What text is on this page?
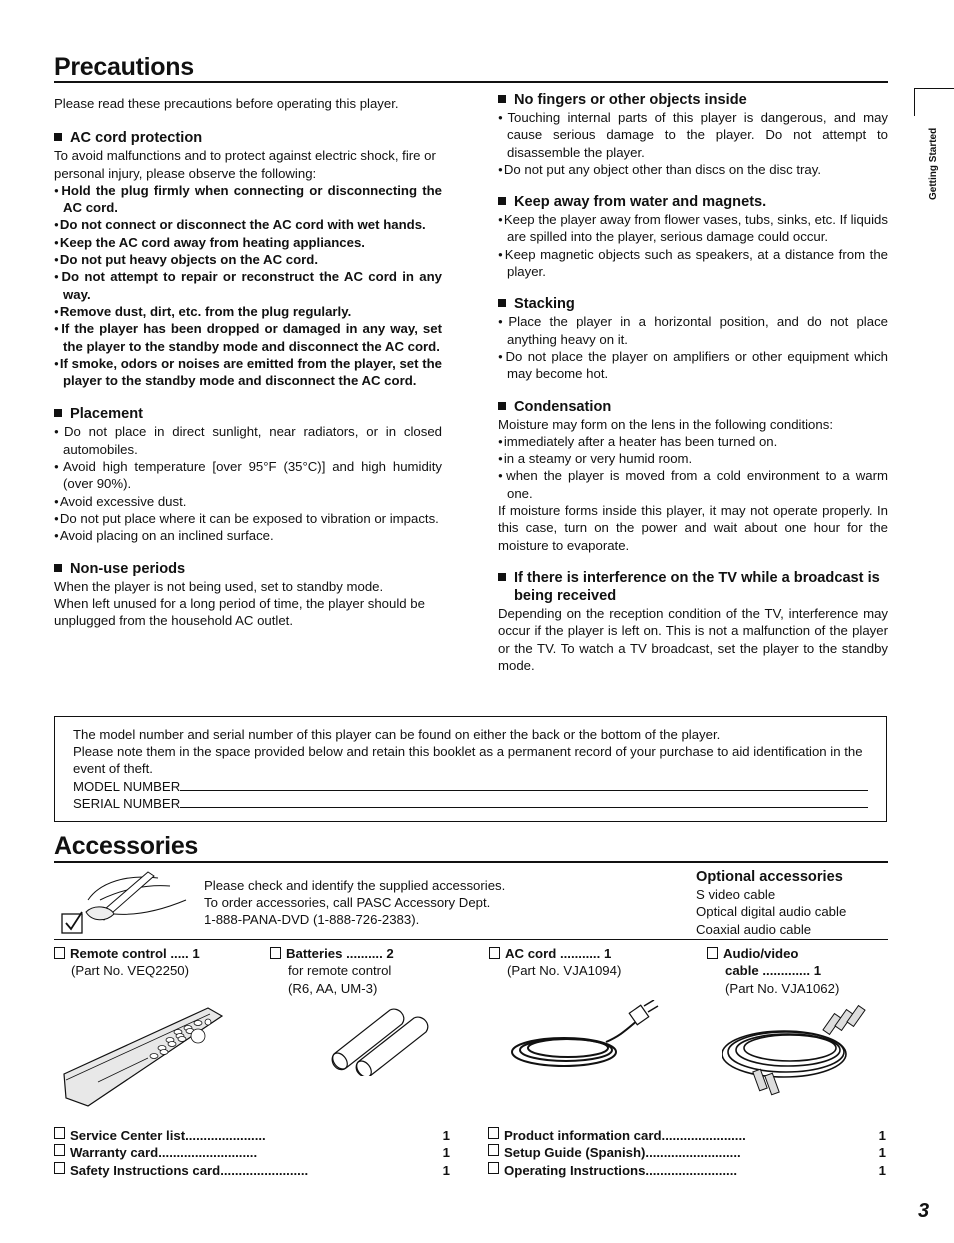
Precautions
Please read these precautions before operating this player.
AC cord protection
To avoid malfunctions and to protect against electric shock, fire or personal injury, please observe the following:
● Hold the plug firmly when connecting or disconnecting the AC cord.
● Do not connect or disconnect the AC cord with wet hands.
● Keep the AC cord away from heating appliances.
● Do not put heavy objects on the AC cord.
● Do not attempt to repair or reconstruct the AC cord in any way.
● Remove dust, dirt, etc. from the plug regularly.
● If the player has been dropped or damaged in any way, set the player to the standby mode and disconnect the AC cord.
● If smoke, odors or noises are emitted from the player, set the player to the standby mode and disconnect the AC cord.
Placement
● Do not place in direct sunlight, near radiators, or in closed automobiles.
● Avoid high temperature [over 95°F (35°C)] and high humidity (over 90%).
● Avoid excessive dust.
● Do not put place where it can be exposed to vibration or impacts.
● Avoid placing on an inclined surface.
Non-use periods
When the player is not being used, set to standby mode.
When left unused for a long period of time, the player should be unplugged from the household AC outlet.
No fingers or other objects inside
● Touching internal parts of this player is dangerous, and may cause serious damage to the player. Do not attempt to disassemble the player.
● Do not put any object other than discs on the disc tray.
Keep away from water and magnets.
● Keep the player away from flower vases, tubs, sinks, etc. If liquids are spilled into the player, serious damage could occur.
● Keep magnetic objects such as speakers, at a distance from the player.
Stacking
● Place the player in a horizontal position, and do not place anything heavy on it.
● Do not place the player on amplifiers or other equipment which may become hot.
Condensation
Moisture may form on the lens in the following conditions:
● immediately after a heater has been turned on.
● in a steamy or very humid room.
● when the player is moved from a cold environment to a warm one.
If moisture forms inside this player, it may not operate properly. In this case, turn on the power and wait about one hour for the moisture to evaporate.
If there is interference on the TV while a broadcast is being received
Depending on the reception condition of the TV, interference may occur if the player is left on. This is not a malfunction of the player or the TV. To watch a TV broadcast, set the player to the standby mode.
Getting Started
The model number and serial number of this player can be found on either the back or the bottom of the player.
Please note them in the space provided below and retain this booklet as a permanent record of your purchase to aid identification in the event of theft.
MODEL NUMBER
SERIAL NUMBER
Accessories
Please check and identify the supplied accessories.
To order accessories, call PASC Accessory Dept.
1-888-PANA-DVD (1-888-726-2383).
Optional accessories
S video cable
Optical digital audio cable
Coaxial audio cable
Remote control ..... 1
(Part No. VEQ2250)
Batteries .......... 2
for remote control
(R6, AA, UM-3)
AC cord ........... 1
(Part No. VJA1094)
Audio/video
cable ............. 1
(Part No. VJA1062)
Service Center list ......................	1
Warranty card ...........................	1
Safety Instructions card ........................	1
Product information card .......................	1
Setup Guide (Spanish) ..........................	1
Operating Instructions .........................	1
3
